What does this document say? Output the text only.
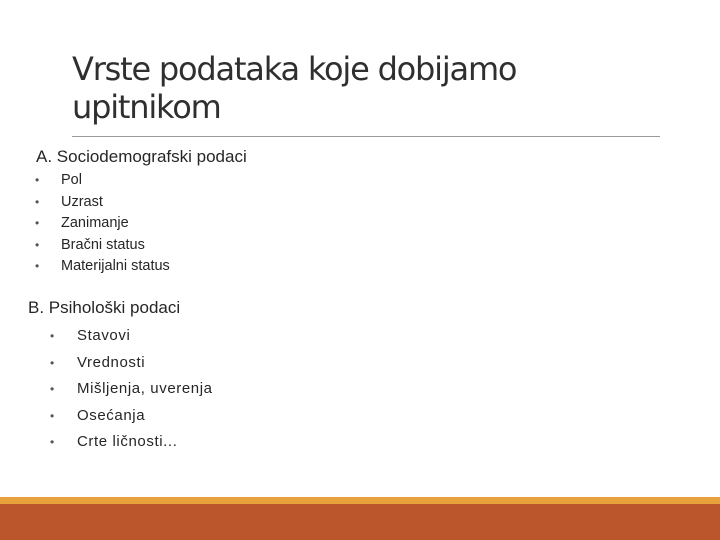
Vrste podataka koje dobijamo upitnikom
A. Sociodemografski podaci
• Pol
• Uzrast
• Zanimanje
• Bračni status
• Materijalni status
B. Psihološki podaci
• Stavovi
• Vrednosti
• Mišljenja, uverenja
• Osećanja
• Crte ličnosti...
